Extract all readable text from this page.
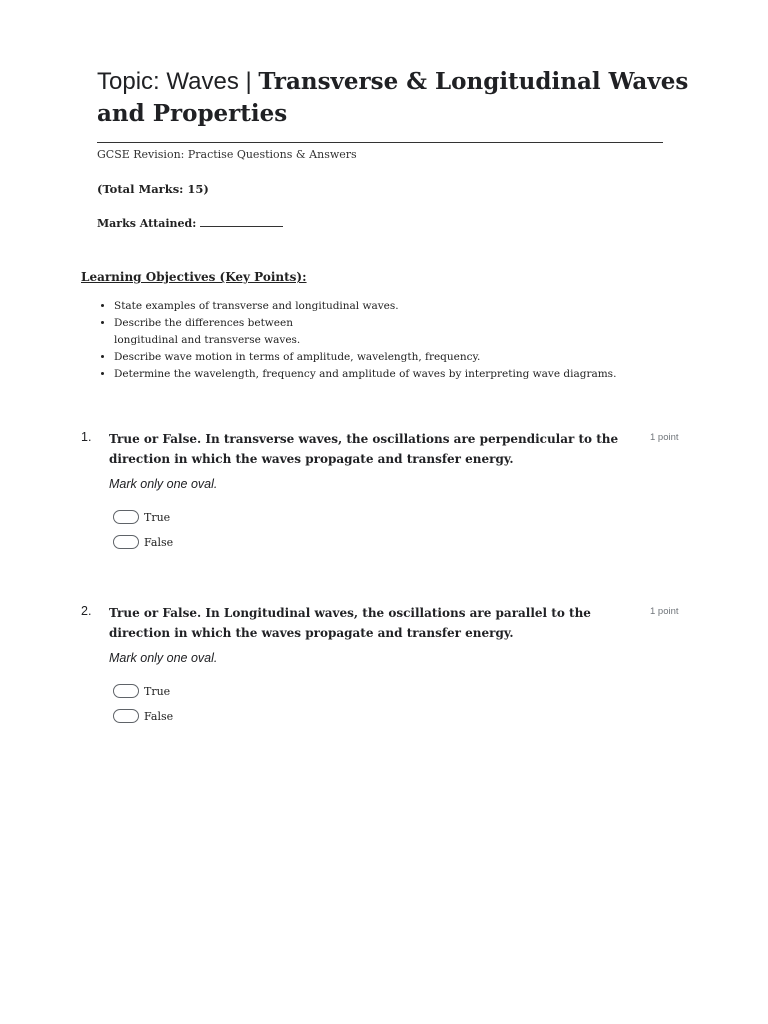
Topic: Waves | Transverse & Longitudinal Waves and Properties
GCSE Revision: Practise Questions & Answers
(Total Marks: 15)
Marks Attained:
Learning Objectives (Key Points):
• State examples of transverse and longitudinal waves.
• Describe the differences between
longitudinal and transverse waves.
• Describe wave motion in terms of amplitude, wavelength, frequency.
• Determine the wavelength, frequency and amplitude of waves by interpreting wave diagrams.
1. True or False. In transverse waves, the oscillations are perpendicular to the direction in which the waves propagate and transfer energy.
1 point
Mark only one oval.
True
False
2. True or False. In Longitudinal waves, the oscillations are parallel to the direction in which the waves propagate and transfer energy.
1 point
Mark only one oval.
True
False
